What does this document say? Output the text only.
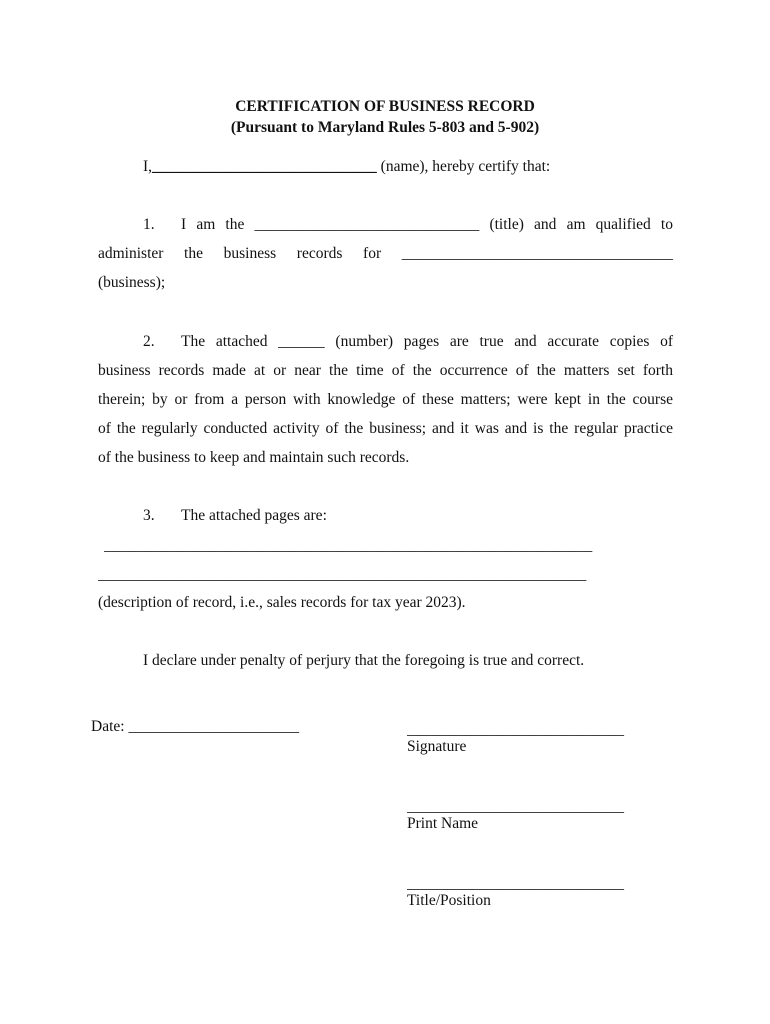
CERTIFICATION OF BUSINESS RECORD
(Pursuant to Maryland Rules 5-803 and 5-902)
I,_____________________________ (name), hereby certify that:
1. I am the _____________________________ (title) and am qualified to
administer the business records for ___________________________________
(business);
2. The attached ______ (number) pages are true and accurate copies of
business records made at or near the time of the occurrence of the matters set forth
therein; by or from a person with knowledge of these matters; were kept in the course
of the regularly conducted activity of the business; and it was and is the regular practice
of the business to keep and maintain such records.
3. The attached pages are:
_______________________________________________________________
_______________________________________________________________
(description of record, i.e., sales records for tax year 2023).
I declare under penalty of perjury that the foregoing is true and correct.
Date: ______________________	____________________________
Signature
____________________________
Print Name
____________________________
Title/Position
